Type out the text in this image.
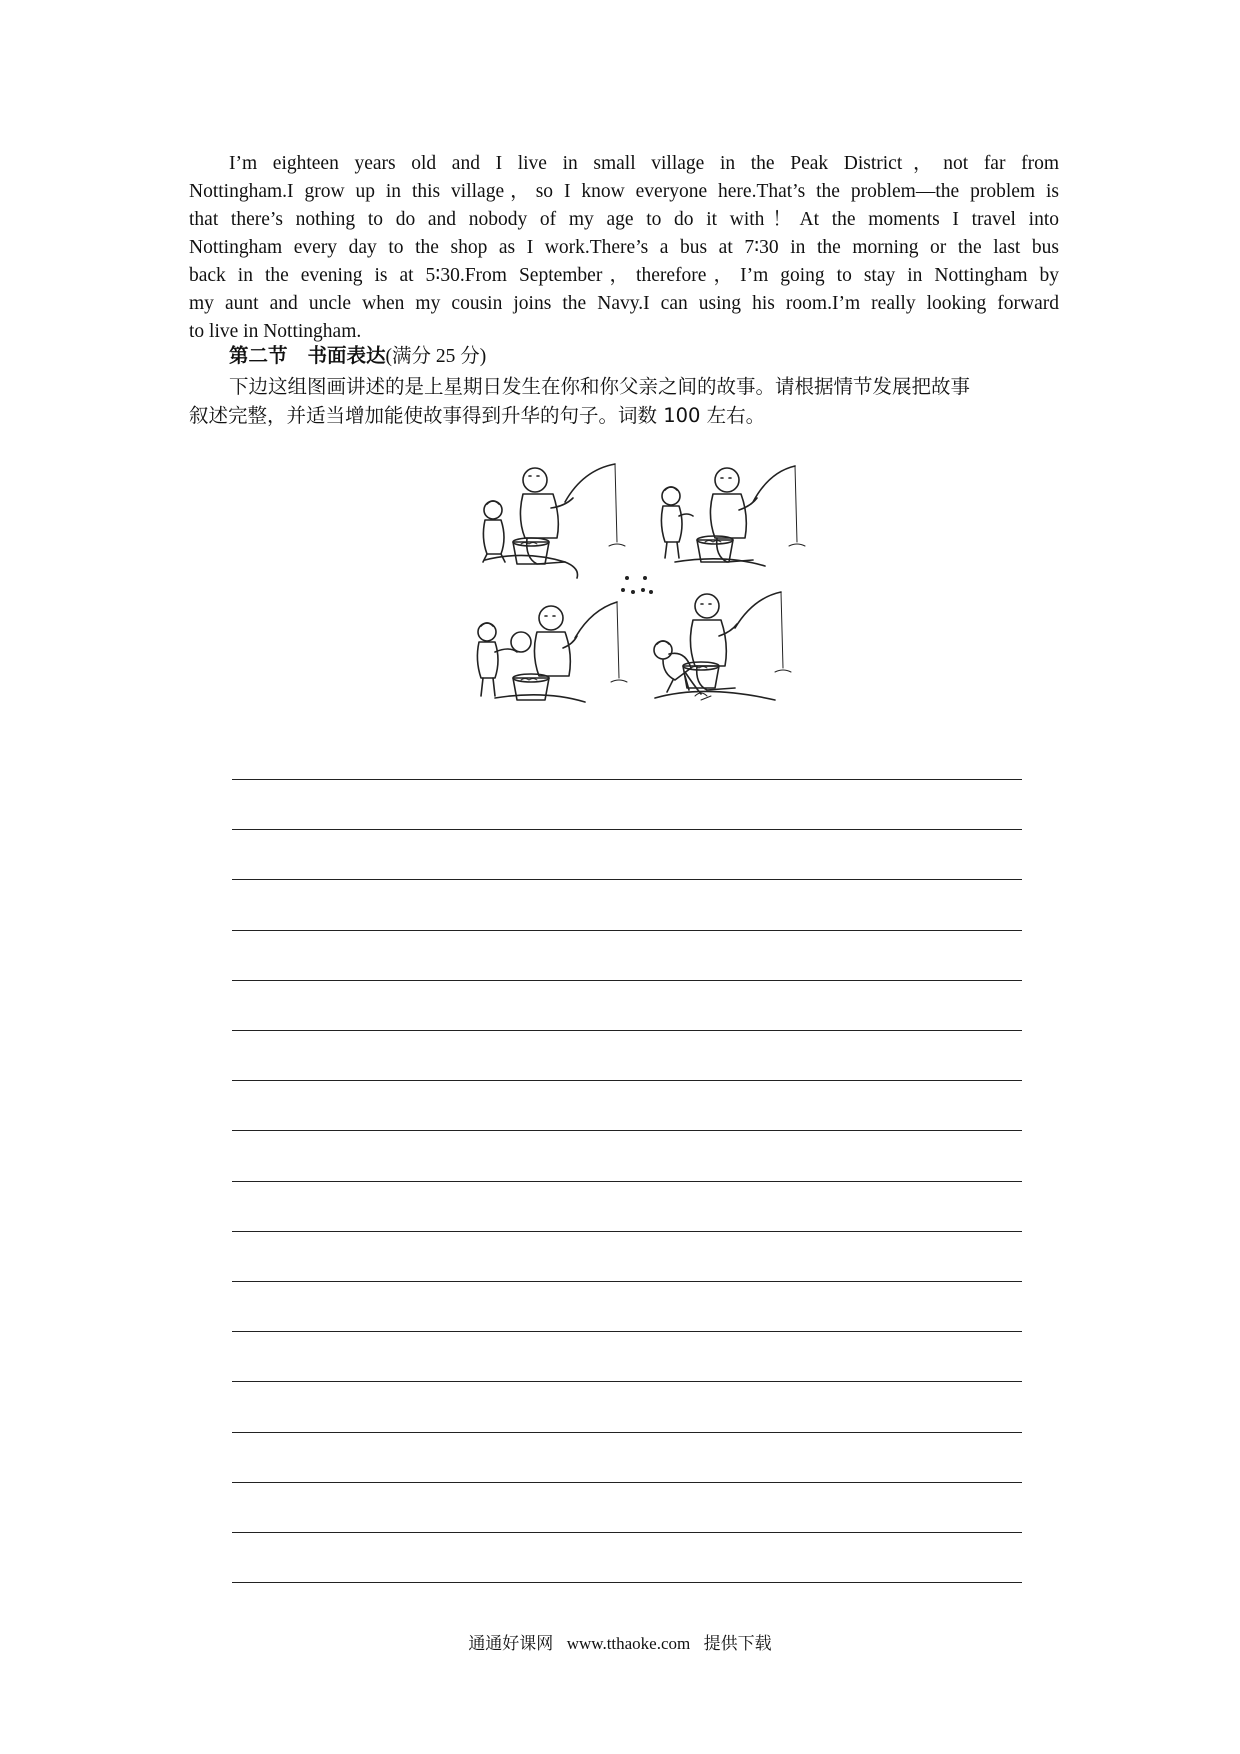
I’m eighteen years old and I live in small village in the Peak District，not far from
Nottingham.I grow up in this village，so I know everyone here.That’s the problem—the problem is
that there’s nothing to do and nobody of my age to do it with！At the moments I travel into
Nottingham every day to the shop as I work.There’s a bus at 7∶30 in the morning or the last bus
back in the evening is at 5∶30.From September，therefore，I’m going to stay in Nottingham by
my aunt and uncle when my cousin joins the Navy.I can using his room.I’m really looking forward
to live in Nottingham.
第二节 书面表达(满分 25 分)
下边这组图画讲述的是上星期日发生在你和你父亲之间的故事。请根据情节发展把故事
叙述完整，并适当增加能使故事得到升华的句子。词数 100 左右。
通通好课网 www.tthaoke.com 提供下载
